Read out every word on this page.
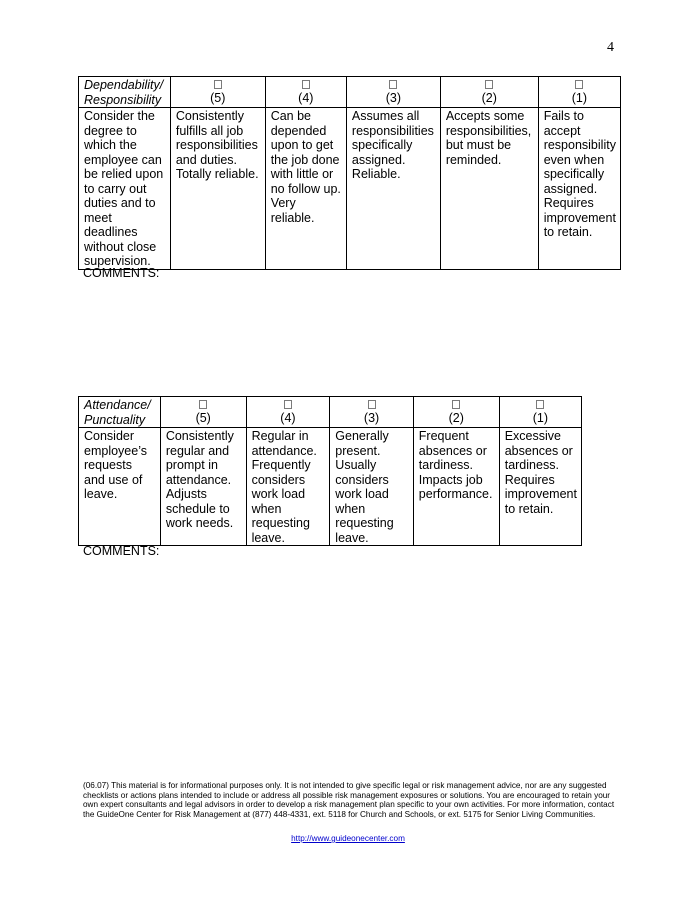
4
Dependability/
Responsibility	(5)	(4)	(3)	(2)	(1)
Consider the degree to which the employee can be relied upon to carry out duties and to meet deadlines without close supervision.	Consistently fulfills all job responsibilities and duties. Totally reliable.	Can be depended upon to get the job done with little or no follow up. Very reliable.	Assumes all responsibilities specifically assigned. Reliable.	Accepts some responsibilities, but must be reminded.	Fails to accept responsibility even when specifically assigned. Requires improvement to retain.
COMMENTS:
Attendance/
Punctuality	(5)	(4)	(3)	(2)	(1)
Consider employee’s requests and use of leave.	Consistently regular and prompt in attendance. Adjusts schedule to work needs.	Regular in attendance. Frequently considers work load when requesting leave.	Generally present. Usually considers work load when requesting leave.	Frequent absences or tardiness. Impacts job performance.	Excessive absences or tardiness. Requires improvement to retain.
COMMENTS:
(06.07) This material is for informational purposes only. It is not intended to give specific legal or risk management advice, nor are any suggested checklists or actions plans intended to include or address all possible risk management exposures or solutions. You are encouraged to retain your own expert consultants and legal advisors in order to develop a risk management plan specific to your own activities. For more information, contact the GuideOne Center for Risk Management at (877) 448-4331, ext. 5118 for Church and Schools, or ext. 5175 for Senior Living Communities.
http://www.guideonecenter.com
